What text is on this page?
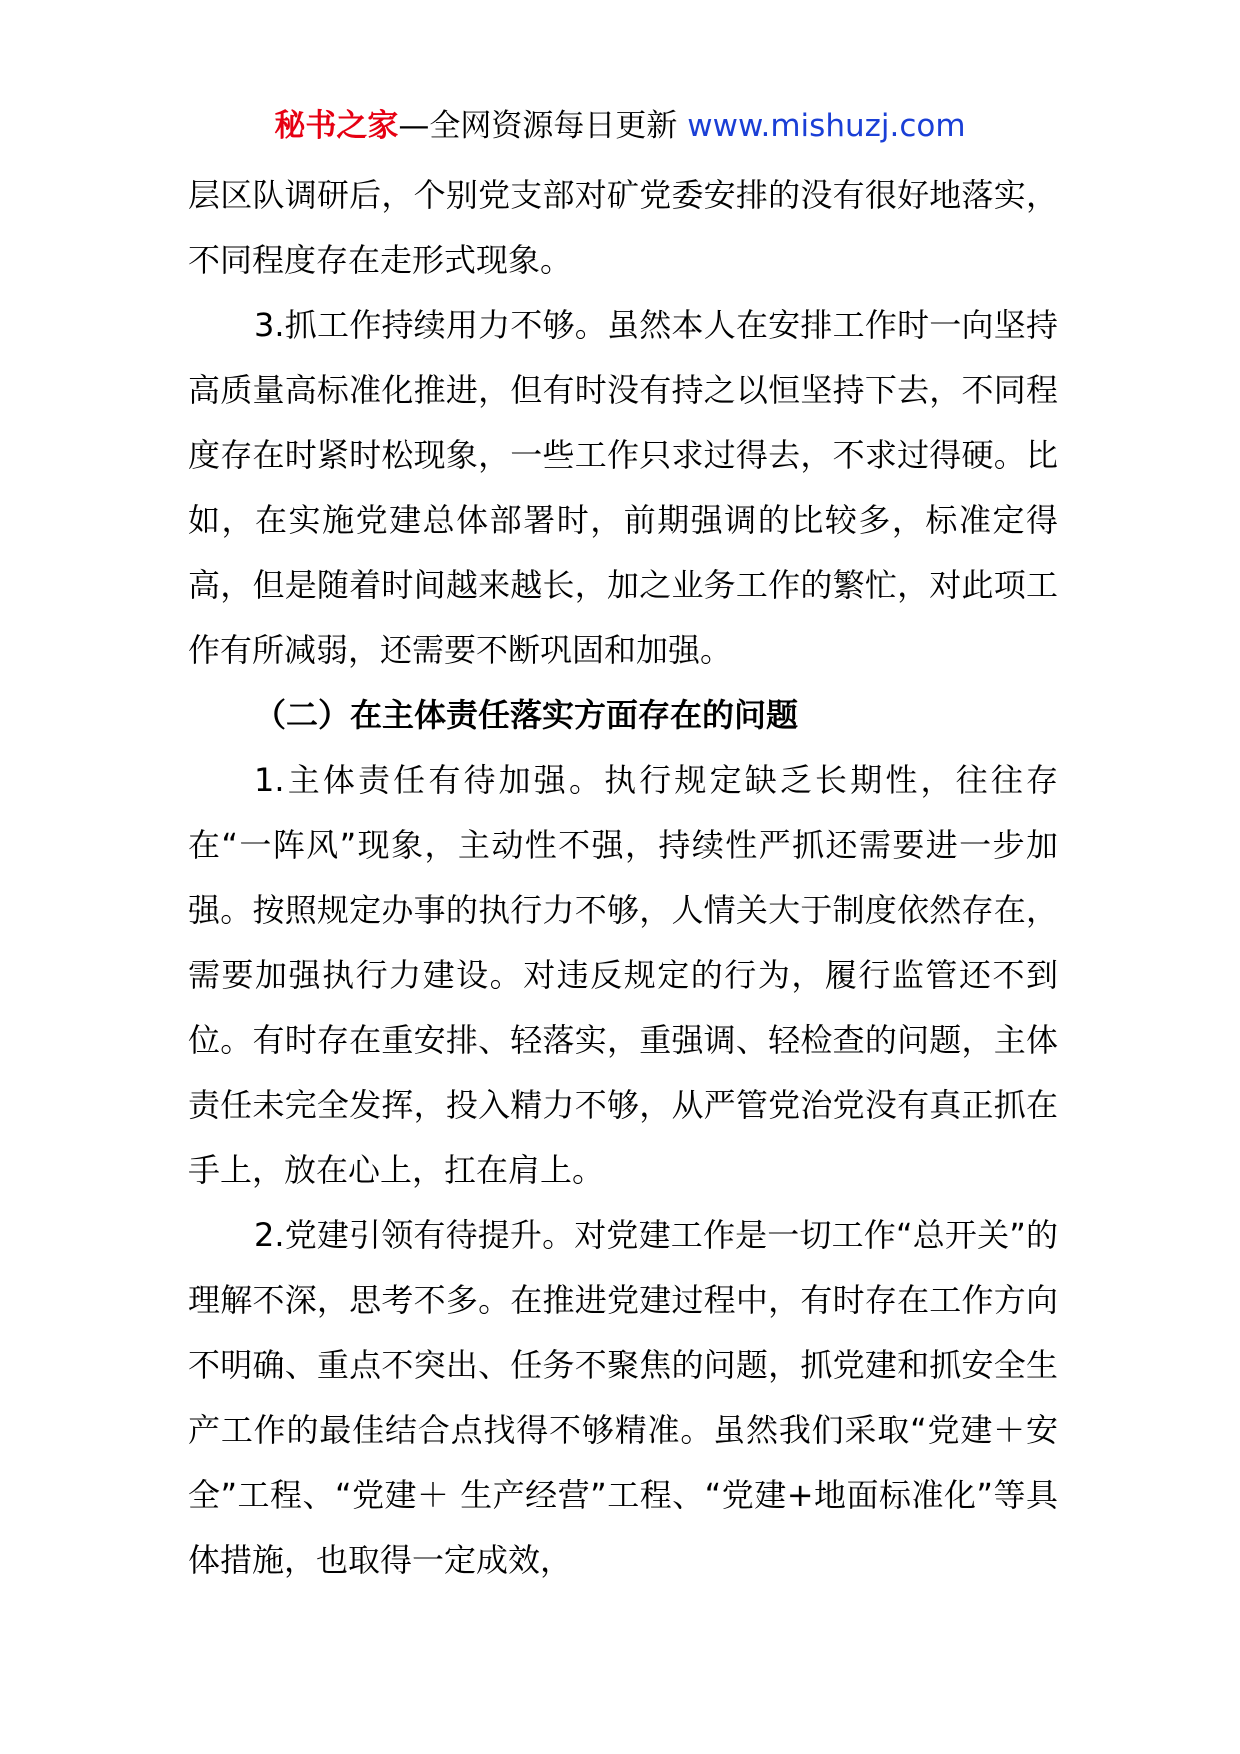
秘书之家—全网资源每日更新 www.mishuzj.com

层区队调研后，个别党支部对矿党委安排的没有很好地落实，不同程度存在走形式现象。

3.抓工作持续用力不够。虽然本人在安排工作时一向坚持高质量高标准化推进，但有时没有持之以恒坚持下去，不同程度存在时紧时松现象，一些工作只求过得去，不求过得硬。比如，在实施党建总体部署时，前期强调的比较多，标准定得高，但是随着时间越来越长，加之业务工作的繁忙，对此项工作有所减弱，还需要不断巩固和加强。

（二）在主体责任落实方面存在的问题

1.主体责任有待加强。执行规定缺乏长期性，往往存在“一阵风”现象，主动性不强，持续性严抓还需要进一步加强。按照规定办事的执行力不够，人情关大于制度依然存在，需要加强执行力建设。对违反规定的行为，履行监管还不到位。有时存在重安排、轻落实，重强调、轻检查的问题，主体责任未完全发挥，投入精力不够，从严管党治党没有真正抓在手上，放在心上，扛在肩上。

2.党建引领有待提升。对党建工作是一切工作“总开关”的理解不深，思考不多。在推进党建过程中，有时存在工作方向不明确、重点不突出、任务不聚焦的问题，抓党建和抓安全生产工作的最佳结合点找得不够精准。虽然我们采取“党建＋安全”工程、“党建＋ 生产经营”工程、“党建+地面标准化”等具体措施，也取得一定成效，
